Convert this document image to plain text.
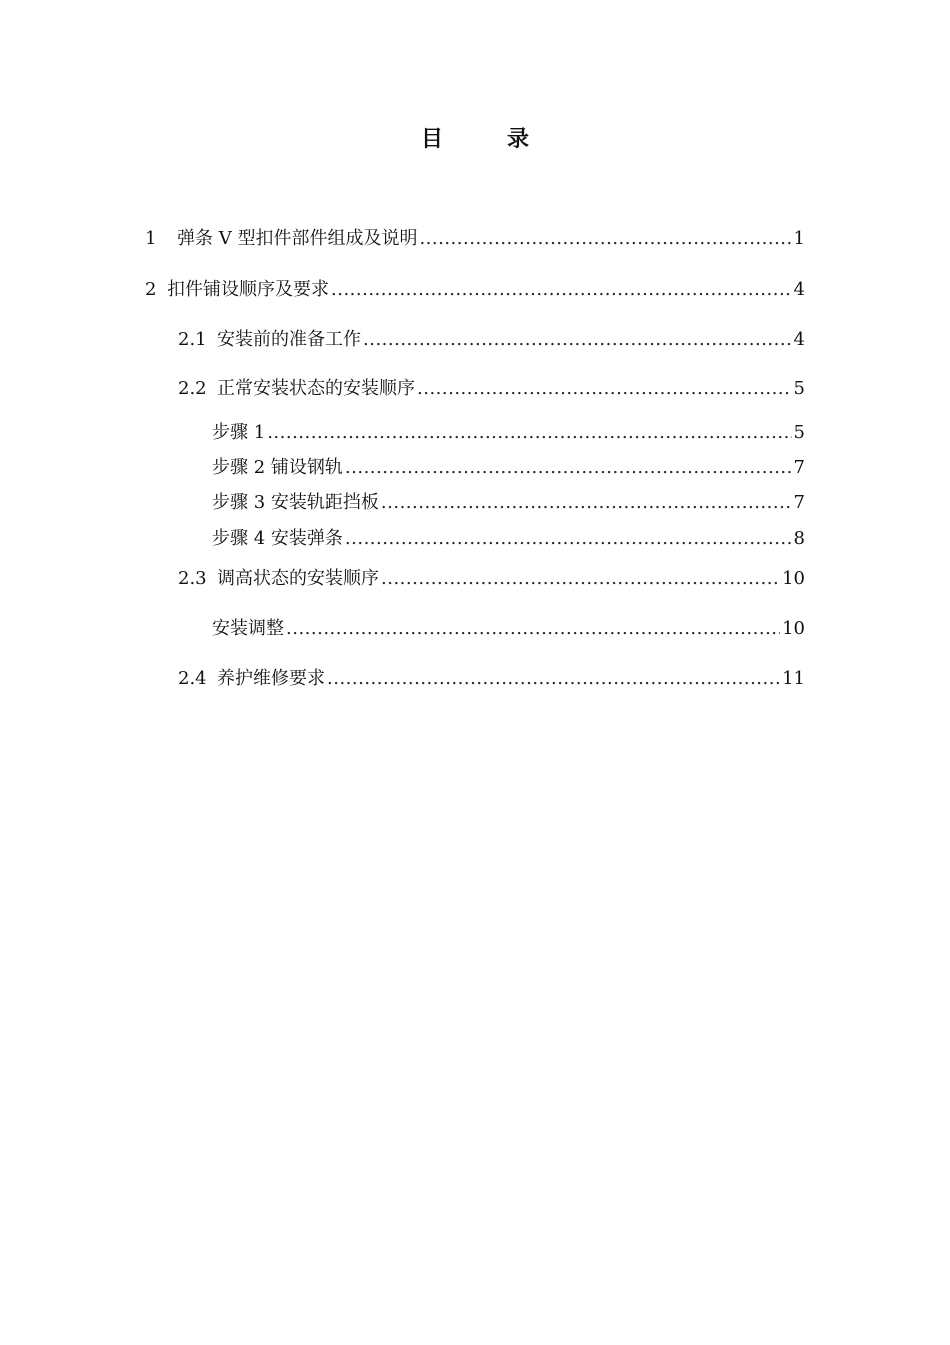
目	录
1	弹条 V 型扣件部件组成及说明 .....	1
2 扣件铺设顺序及要求 .....	4
2.1 安装前的准备工作 .....	4
2.2 正常安装状态的安装顺序 .....	5
步骤 1 .....	5
步骤 2 铺设钢轨 .....	7
步骤 3 安装轨距挡板 .....	7
步骤 4 安装弹条 .....	8
2.3 调高状态的安装顺序 .....	10
安装调整 .....	10
2.4 养护维修要求 .....	11
